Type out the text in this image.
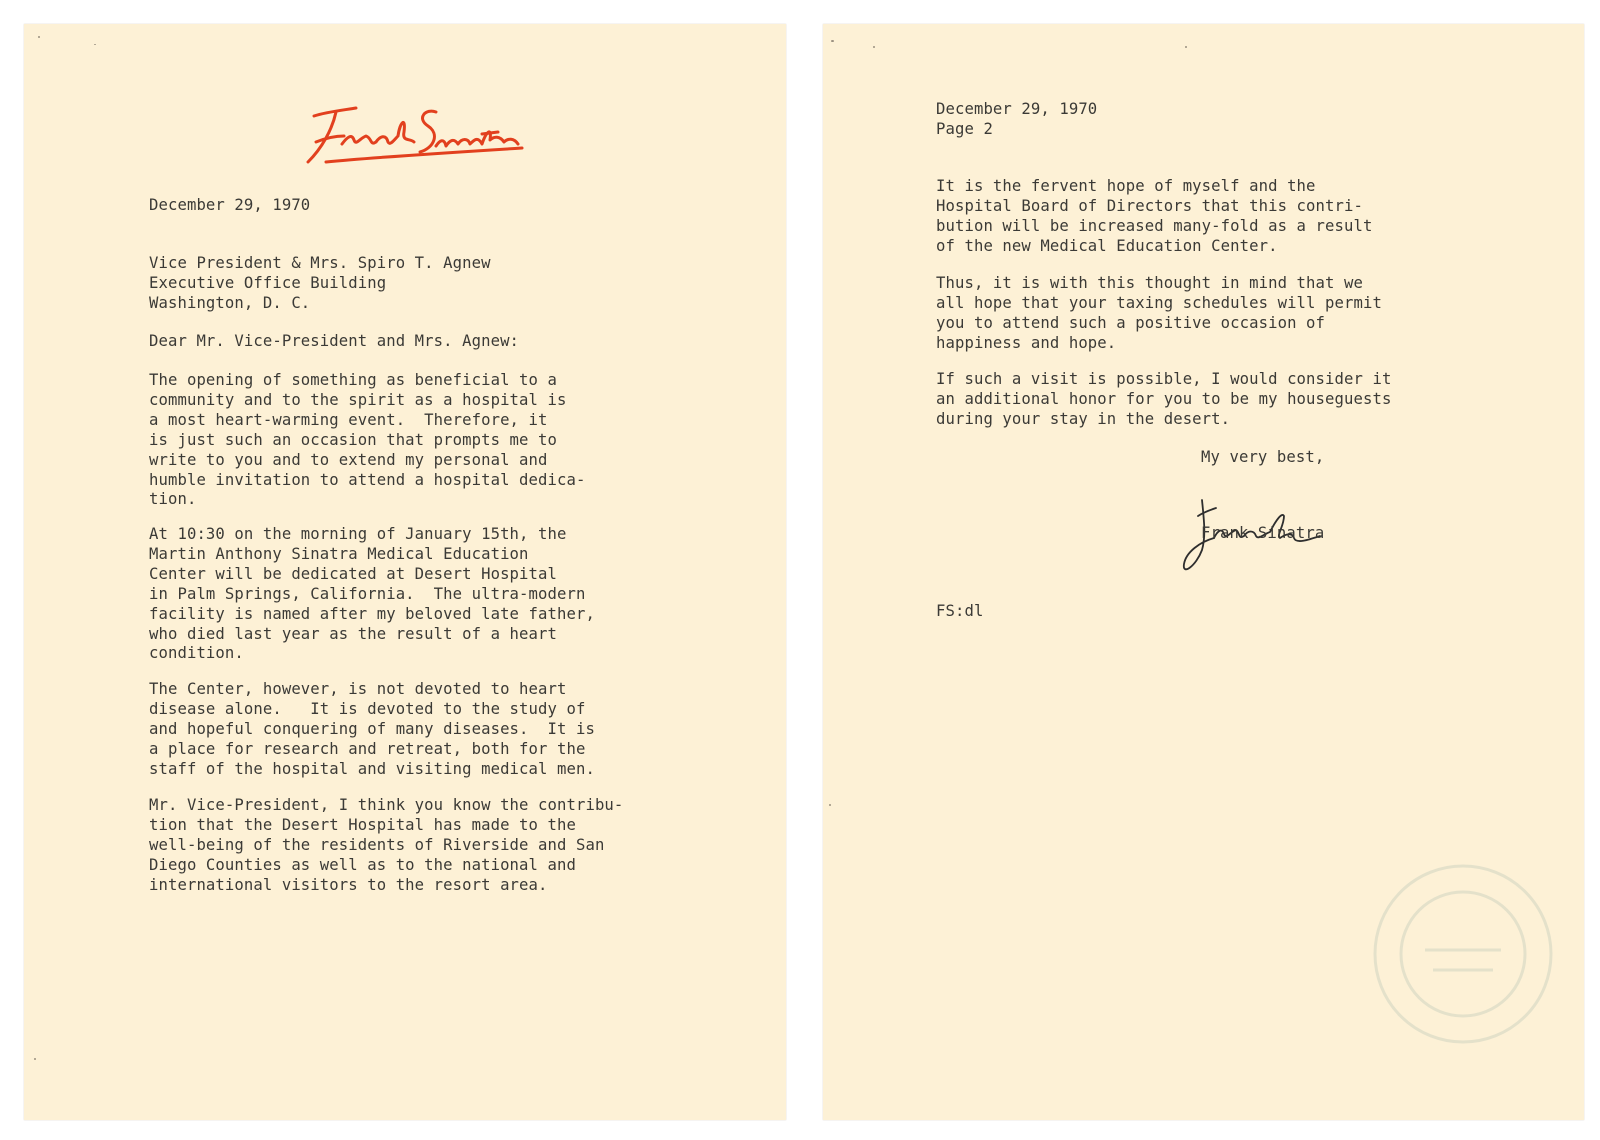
Frank Sinatra
December 29, 1970
Vice President & Mrs. Spiro T. Agnew
Executive Office Building
Washington, D. C.
Dear Mr. Vice-President and Mrs. Agnew:
The opening of something as beneficial to a
community and to the spirit as a hospital is
a most heart-warming event.  Therefore, it
is just such an occasion that prompts me to
write to you and to extend my personal and
humble invitation to attend a hospital dedica-
tion.
At 10:30 on the morning of January 15th, the
Martin Anthony Sinatra Medical Education
Center will be dedicated at Desert Hospital
in Palm Springs, California.  The ultra-modern
facility is named after my beloved late father,
who died last year as the result of a heart
condition.
The Center, however, is not devoted to heart
disease alone.   It is devoted to the study of
and hopeful conquering of many diseases.  It is
a place for research and retreat, both for the
staff of the hospital and visiting medical men.
Mr. Vice-President, I think you know the contribu-
tion that the Desert Hospital has made to the
well-being of the residents of Riverside and San
Diego Counties as well as to the national and
international visitors to the resort area.
December 29, 1970
Page 2
It is the fervent hope of myself and the
Hospital Board of Directors that this contri-
bution will be increased many-fold as a result
of the new Medical Education Center.
Thus, it is with this thought in mind that we
all hope that your taxing schedules will permit
you to attend such a positive occasion of
happiness and hope.
If such a visit is possible, I would consider it
an additional honor for you to be my houseguests
during your stay in the desert.
My very best,
Frank
Frank Sinatra
FS:dl
